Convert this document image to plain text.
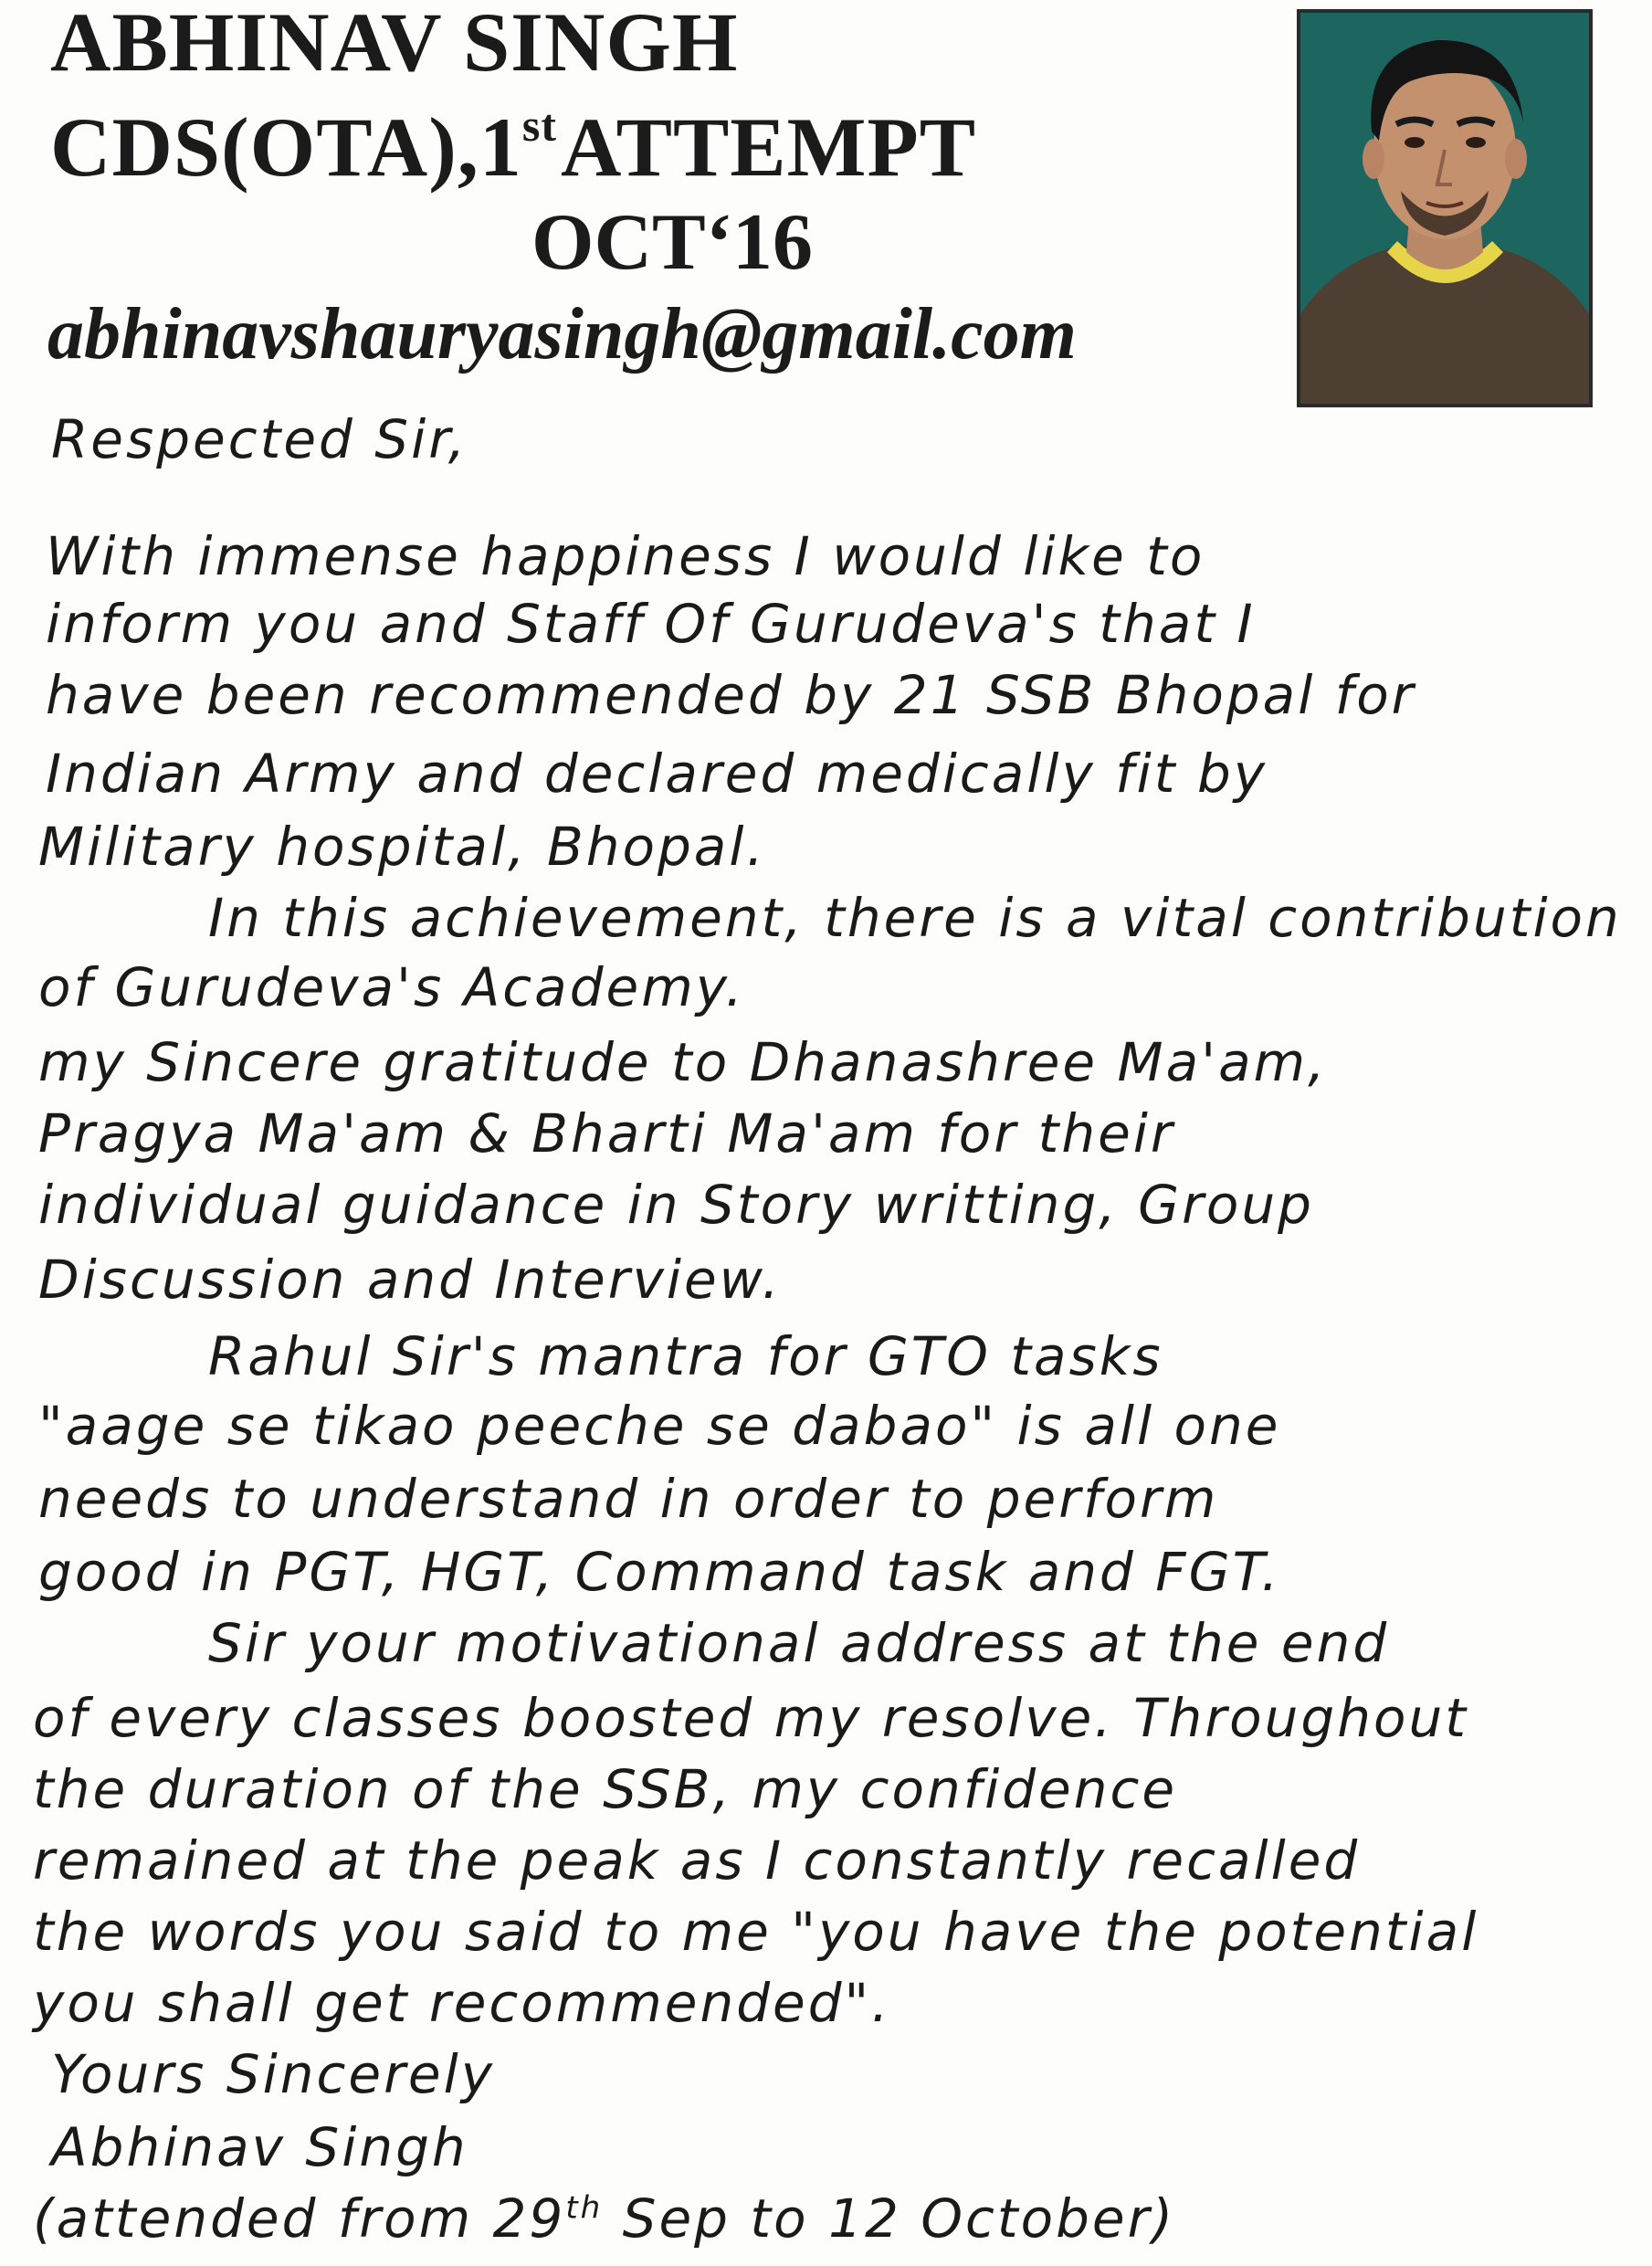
ABHINAV SINGH
CDS(OTA),1stATTEMPT
OCT‘16
abhinavshauryasingh@gmail.com
Respected Sir,
With immense happiness I would like to
inform you and Staff Of Gurudeva's that I
have been recommended by 21 SSB Bhopal for
Indian Army and declared medically fit by
Military hospital, Bhopal.
In this achievement, there is a vital contribution
of Gurudeva's Academy.
my Sincere gratitude to Dhanashree Ma'am,
Pragya Ma'am & Bharti Ma'am for their
individual guidance in Story writting, Group
Discussion and Interview.
Rahul Sir's mantra for GTO tasks
"aage se tikao peeche se dabao" is all one
needs to understand in order to perform
good in PGT, HGT, Command task and FGT.
Sir your motivational address at the end
of every classes boosted my resolve. Throughout
the duration of the SSB, my confidence
remained at the peak as I constantly recalled
the words you said to me "you have the potential
you shall get recommended".
Yours Sincerely
Abhinav Singh
(attended from 29th Sep to 12 October)
